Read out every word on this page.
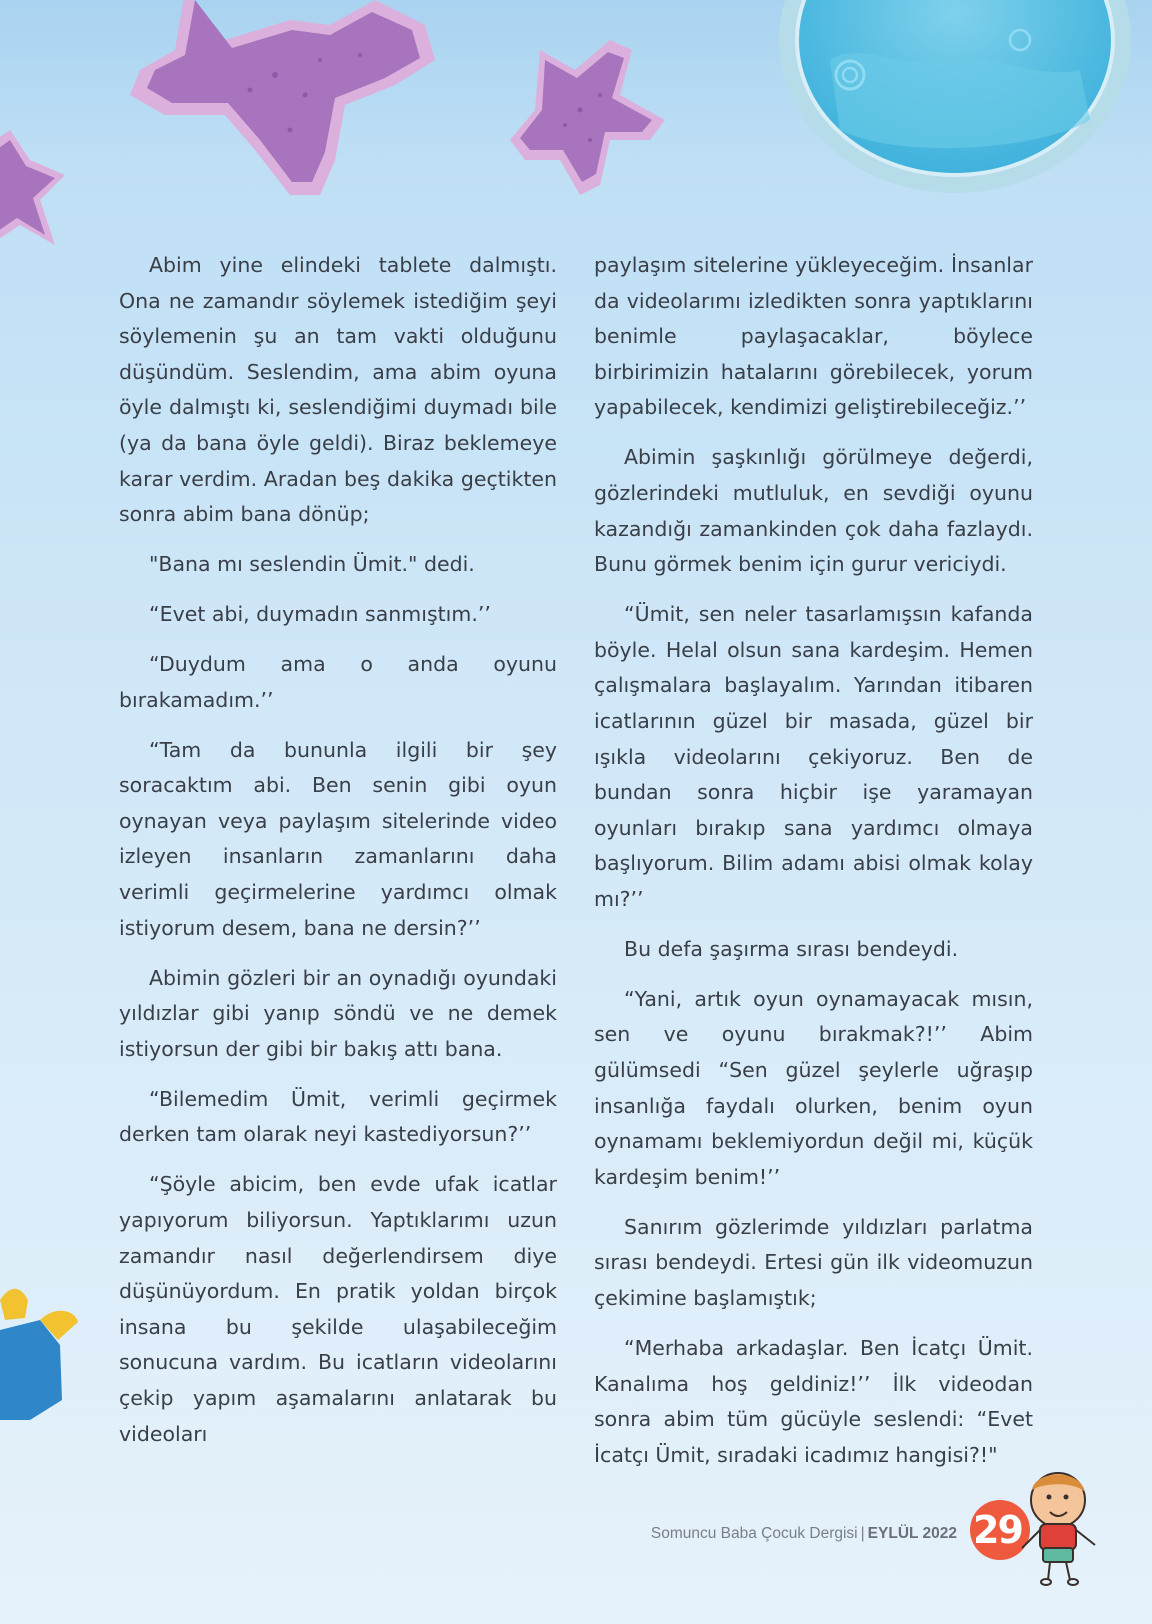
Abim yine elindeki tablete dalmıştı. Ona ne zamandır söylemek istediğim şeyi söylemenin şu an tam vakti olduğunu düşündüm. Seslendim, ama abim oyuna öyle dalmıştı ki, seslendiğimi duymadı bile (ya da bana öyle geldi). Biraz beklemeye karar verdim. Aradan beş dakika geçtikten sonra abim bana dönüp;

"Bana mı seslendin Ümit." dedi.

“Evet abi, duymadın sanmıştım.’’

“Duydum ama o anda oyunu bırakamadım.’’

“Tam da bununla ilgili bir şey soracaktım abi. Ben senin gibi oyun oynayan veya paylaşım sitelerinde video izleyen insanların zamanlarını daha verimli geçirmelerine yardımcı olmak istiyorum desem, bana ne dersin?’’

Abimin gözleri bir an oynadığı oyundaki yıldızlar gibi yanıp söndü ve ne demek istiyorsun der gibi bir bakış attı bana.

“Bilemedim Ümit, verimli geçirmek derken tam olarak neyi kastediyorsun?’’

“Şöyle abicim, ben evde ufak icatlar yapıyorum biliyorsun. Yaptıklarımı uzun zamandır nasıl değerlendirsem diye düşünüyordum. En pratik yoldan birçok insana bu şekilde ulaşabileceğim sonucuna vardım. Bu icatların videolarını çekip yapım aşamalarını anlatarak bu videoları

paylaşım sitelerine yükleyeceğim. İnsanlar da videolarımı izledikten sonra yaptıklarını benimle paylaşacaklar, böylece birbirimizin hatalarını görebilecek, yorum yapabilecek, kendimizi geliştirebileceğiz.’’

Abimin şaşkınlığı görülmeye değerdi, gözlerindeki mutluluk, en sevdiği oyunu kazandığı zamankinden çok daha fazlaydı. Bunu görmek benim için gurur vericiydi.

“Ümit, sen neler tasarlamışsın kafanda böyle. Helal olsun sana kardeşim. Hemen çalışmalara başlayalım. Yarından itibaren icatlarının güzel bir masada, güzel bir ışıkla videolarını çekiyoruz. Ben de bundan sonra hiçbir işe yaramayan oyunları bırakıp sana yardımcı olmaya başlıyorum. Bilim adamı abisi olmak kolay mı?’’

Bu defa şaşırma sırası bendeydi.

“Yani, artık oyun oynamayacak mısın, sen ve oyunu bırakmak?!’’ Abim gülümsedi “Sen güzel şeylerle uğraşıp insanlığa faydalı olurken, benim oyun oynamamı beklemiyordun değil mi, küçük kardeşim benim!’’

Sanırım gözlerimde yıldızları parlatma sırası bendeydi. Ertesi gün ilk videomuzun çekimine başlamıştık;

“Merhaba arkadaşlar. Ben İcatçı Ümit. Kanalıma hoş geldiniz!’’ İlk videodan sonra abim tüm gücüyle seslendi: “Evet İcatçı Ümit, sıradaki icadımız hangisi?!"

Somuncu Baba Çocuk Dergisi | EYLÜL 2022 29
